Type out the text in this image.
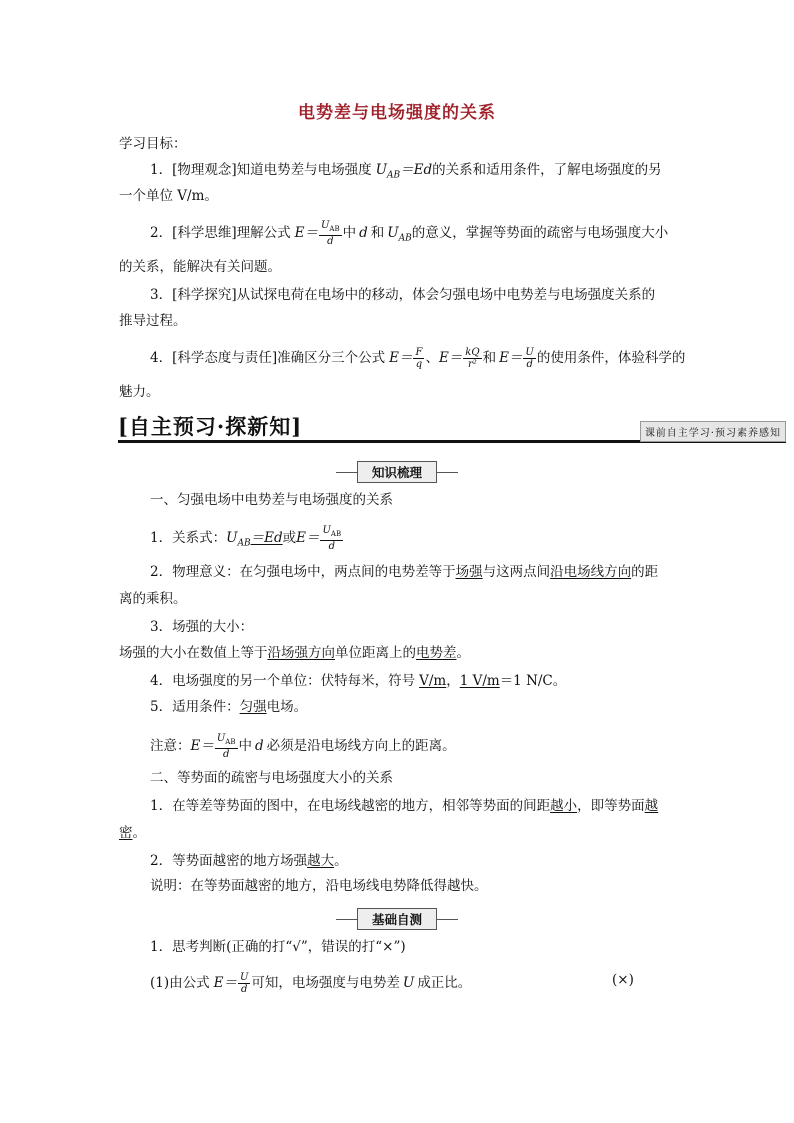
电势差与电场强度的关系
学习目标：
1．[物理观念]知道电势差与电场强度 $U_{AB}=Ed$的关系和适用条件，了解电场强度的另
一个单位 V/m。
2．[科学思维]理解公式 $E= \frac{U_{AB}}{d}$ 中 d 和 $U_{AB}$的意义，掌握等势面的疏密与电场强度大小
的关系，能解决有关问题。
3．[科学探究]从试探电荷在电场中的移动，体会匀强电场中电势差与电场强度关系的
推导过程。
4．[科学态度与责任]准确区分三个公式 $E= \frac{F}{q}$ 、$E= \frac{kQ}{\text{r²}}$ 和 $E= \frac{U}{d}$ 的使用条件，体验科学的
魅力。
[自主预习·探新知]	课前自主学习·预习素养感知
知识梳理
一、匀强电场中电势差与电场强度的关系
1．关系式：$U_{AB}=Ed$或$E= \frac{U_{AB}}{d}$
2．物理意义：在匀强电场中，两点间的电势差等于场强与这两点间沿电场线方向的距
离的乘积。
3．场强的大小：
场强的大小在数值上等于沿场强方向单位距离上的电势差。
4．电场强度的另一个单位：伏特每米，符号 V/m，1 V/m＝1 N/C。
5．适用条件：匀强电场。
注意：$E= \frac{U_{AB}}{d}$ 中 d 必须是沿电场线方向上的距离。
二、等势面的疏密与电场强度大小的关系
1．在等差等势面的图中，在电场线越密的地方，相邻等势面的间距越小，即等势面越
密。
2．等势面越密的地方场强越大。
说明：在等势面越密的地方，沿电场线电势降低得越快。
基础自测
1．思考判断(正确的打“√”，错误的打“×”)
(1)由公式 $E= \frac{U}{d}$ 可知，电场强度与电势差 U 成正比。	(×)
